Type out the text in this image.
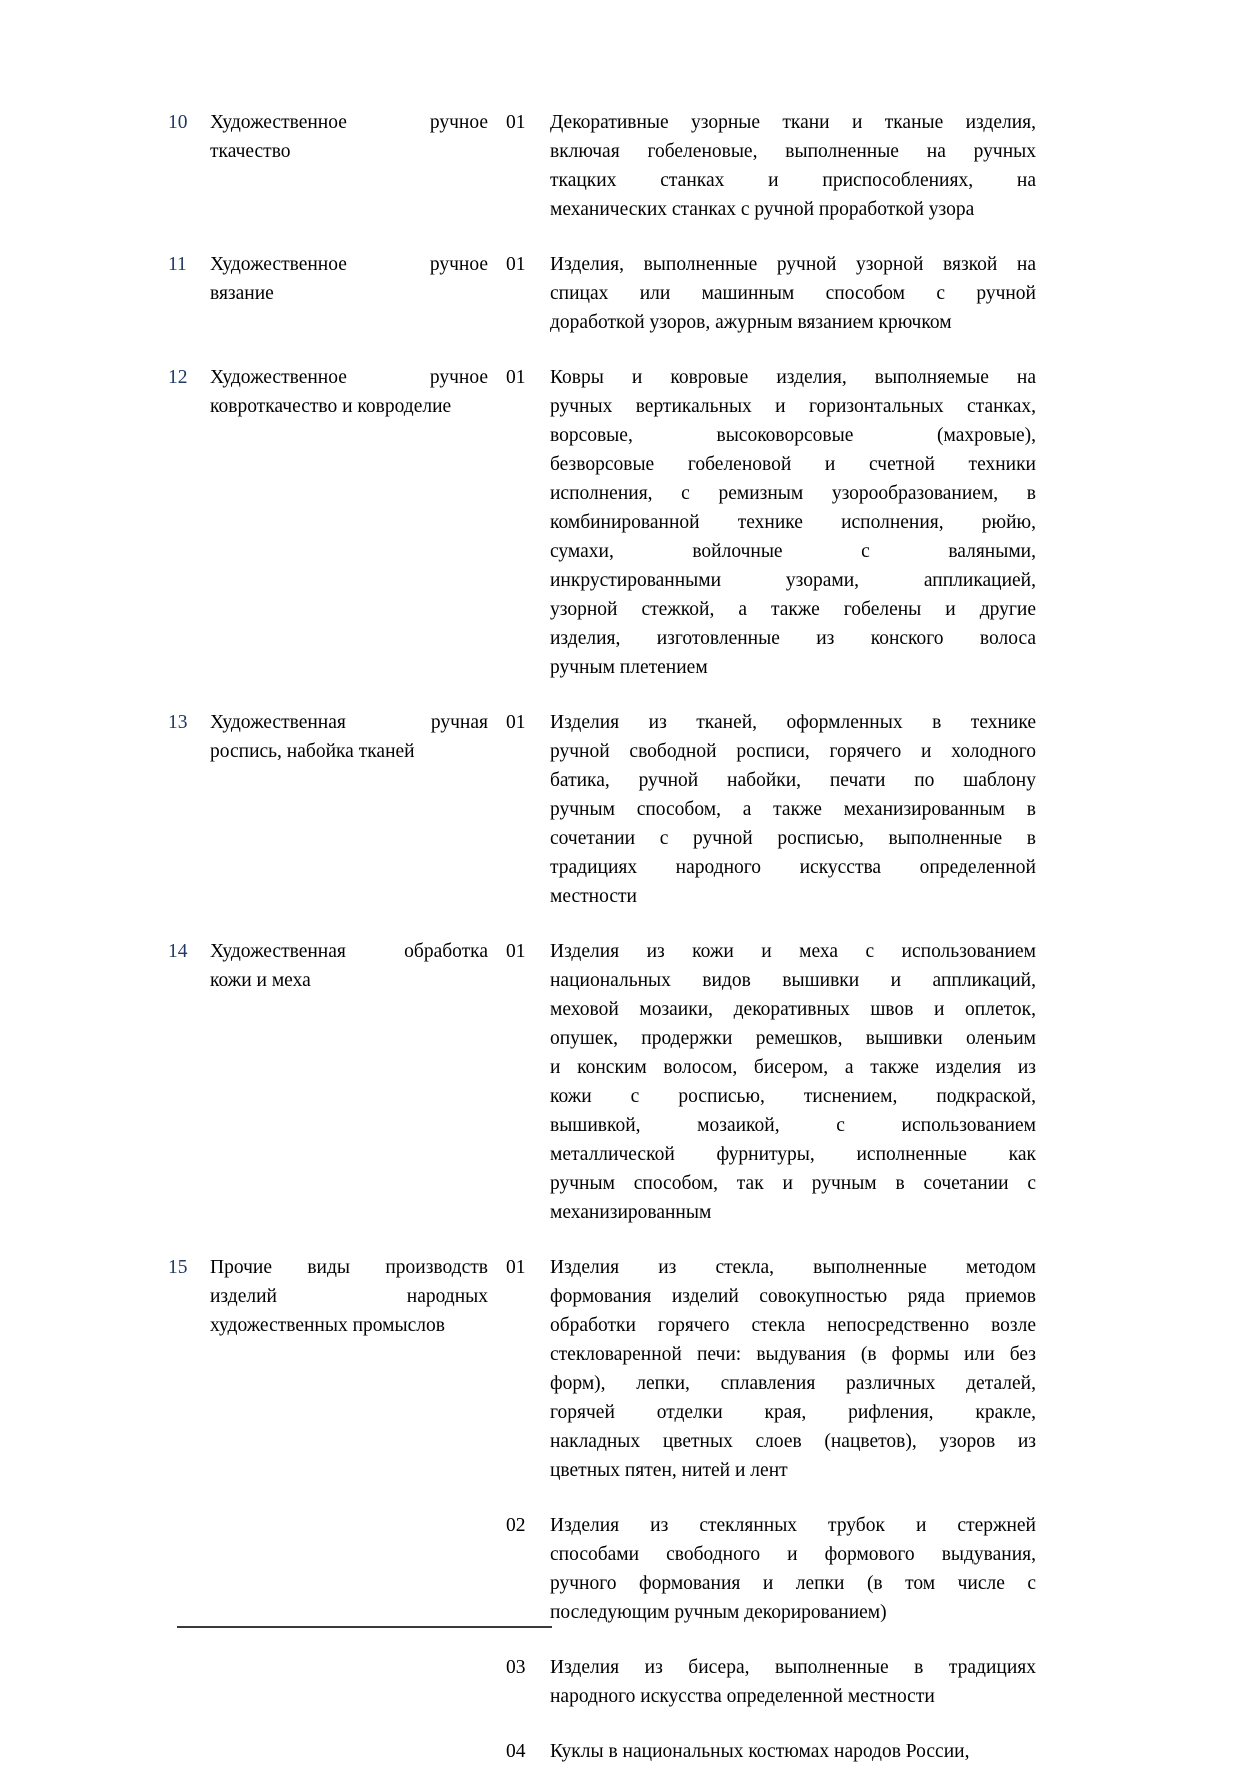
10	Художественное ручное
ткачество
01	Декоративные узорные ткани и тканые изделия,
включая гобеленовые, выполненные на ручных
ткацких станках и приспособлениях, на
механических станках с ручной проработкой узора
11	Художественное ручное
вязание
01	Изделия, выполненные ручной узорной вязкой на
спицах или машинным способом с ручной
доработкой узоров, ажурным вязанием крючком
12	Художественное ручное
ковроткачество и ковроделие
01	Ковры и ковровые изделия, выполняемые на
ручных вертикальных и горизонтальных станках,
ворсовые, высоковорсовые (махровые),
безворсовые гобеленовой и счетной техники
исполнения, с ремизным узорообразованием, в
комбинированной технике исполнения, рюйю,
сумахи, войлочные с валяными,
инкрустированными узорами, аппликацией,
узорной стежкой, а также гобелены и другие
изделия, изготовленные из конского волоса
ручным плетением
13	Художественная ручная
роспись, набойка тканей
01	Изделия из тканей, оформленных в технике
ручной свободной росписи, горячего и холодного
батика, ручной набойки, печати по шаблону
ручным способом, а также механизированным в
сочетании с ручной росписью, выполненные в
традициях народного искусства определенной
местности
14	Художественная обработка
кожи и меха
01	Изделия из кожи и меха с использованием
национальных видов вышивки и аппликаций,
меховой мозаики, декоративных швов и оплеток,
опушек, продержки ремешков, вышивки оленьим
и конским волосом, бисером, а также изделия из
кожи с росписью, тиснением, подкраской,
вышивкой, мозаикой, с использованием
металлической фурнитуры, исполненные как
ручным способом, так и ручным в сочетании с
механизированным
15	Прочие виды производств
изделий народных
художественных промыслов
01	Изделия из стекла, выполненные методом
формования изделий совокупностью ряда приемов
обработки горячего стекла непосредственно возле
стекловаренной печи: выдувания (в формы или без
форм), лепки, сплавления различных деталей,
горячей отделки края, рифления, кракле,
накладных цветных слоев (нацветов), узоров из
цветных пятен, нитей и лент
02	Изделия из стеклянных трубок и стержней
способами свободного и формового выдувания,
ручного формования и лепки (в том числе с
последующим ручным декорированием)
03	Изделия из бисера, выполненные в традициях
народного искусства определенной местности
04	Куклы в национальных костюмах народов России,
